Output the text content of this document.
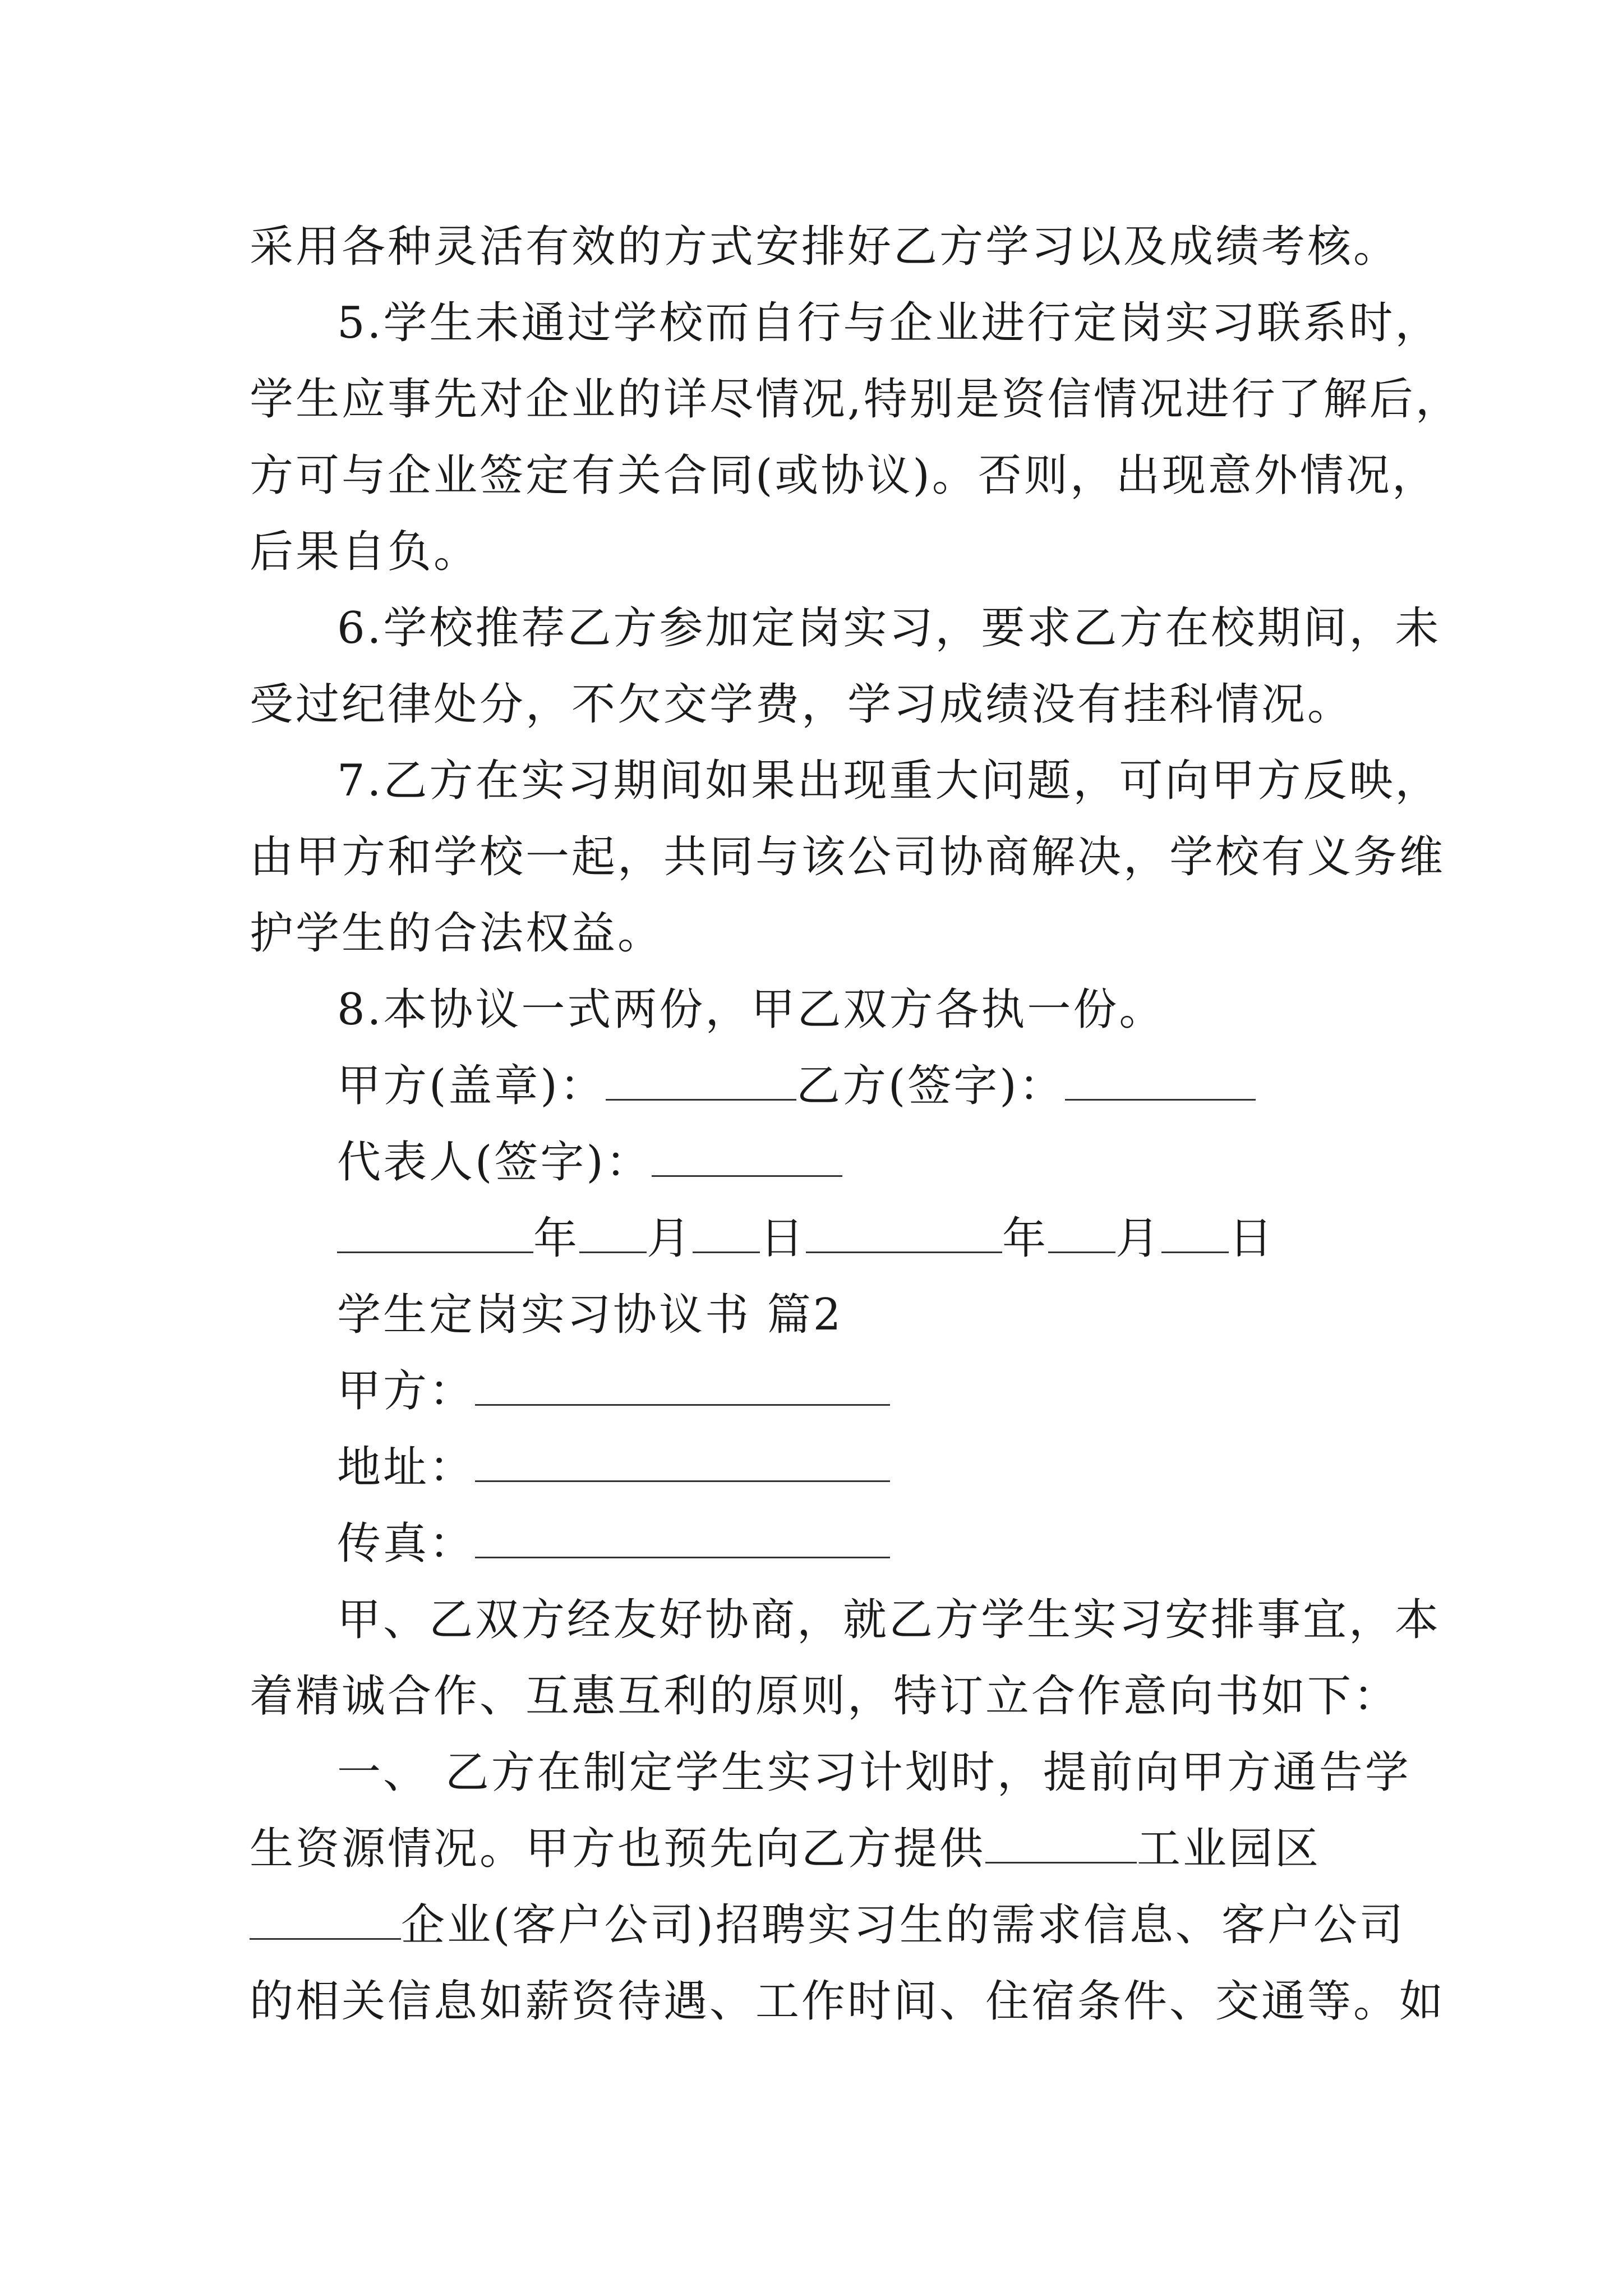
采用各种灵活有效的方式安排好乙方学习以及成绩考核。
5.学生未通过学校而自行与企业进行定岗实习联系时，
学生应事先对企业的详尽情况,特别是资信情况进行了解后，
方可与企业签定有关合同(或协议)。否则，出现意外情况，
后果自负。
6.学校推荐乙方参加定岗实习，要求乙方在校期间，未
受过纪律处分，不欠交学费，学习成绩没有挂科情况。
7.乙方在实习期间如果出现重大问题，可向甲方反映，
由甲方和学校一起，共同与该公司协商解决，学校有义务维
护学生的合法权益。
8.本协议一式两份，甲乙双方各执一份。
甲方(盖章)：	乙方(签字)：
代表人(签字)：
年 月 日	年 月 日
学生定岗实习协议书 篇2
甲方：
地址：
传真：
甲、乙双方经友好协商，就乙方学生实习安排事宜，本
着精诚合作、互惠互利的原则，特订立合作意向书如下：
一、 乙方在制定学生实习计划时，提前向甲方通告学
生资源情况。甲方也预先向乙方提供	工业园区
企业(客户公司)招聘实习生的需求信息、客户公司
的相关信息如薪资待遇、工作时间、住宿条件、交通等。如
